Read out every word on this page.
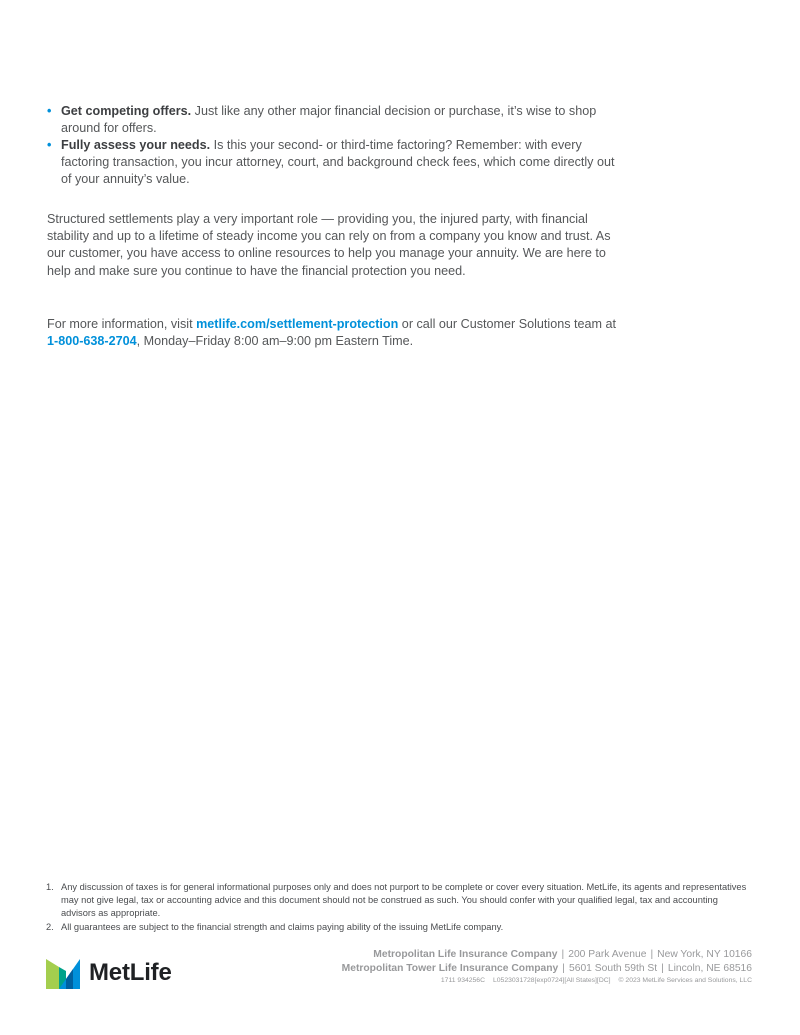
• Get competing offers. Just like any other major financial decision or purchase, it’s wise to shop around for offers.
• Fully assess your needs. Is this your second- or third-time factoring? Remember: with every factoring transaction, you incur attorney, court, and background check fees, which come directly out of your annuity’s value.

Structured settlements play a very important role — providing you, the injured party, with financial stability and up to a lifetime of steady income you can rely on from a company you know and trust. As our customer, you have access to online resources to help you manage your annuity. We are here to help and make sure you continue to have the financial protection you need.

For more information, visit metlife.com/settlement-protection or call our Customer Solutions team at 1-800-638-2704, Monday–Friday 8:00 am–9:00 pm Eastern Time.

1. Any discussion of taxes is for general informational purposes only and does not purport to be complete or cover every situation. MetLife, its agents and representatives may not give legal, tax or accounting advice and this document should not be construed as such. You should confer with your qualified legal, tax and accounting advisors as appropriate.
2. All guarantees are subject to the financial strength and claims paying ability of the issuing MetLife company.
MetLife
Metropolitan Life Insurance Company | 200 Park Avenue | New York, NY 10166
Metropolitan Tower Life Insurance Company | 5601 South 59th St | Lincoln, NE 68516
1711 934256C L0523031728[exp0724][All States][DC] © 2023 MetLife Services and Solutions, LLC
